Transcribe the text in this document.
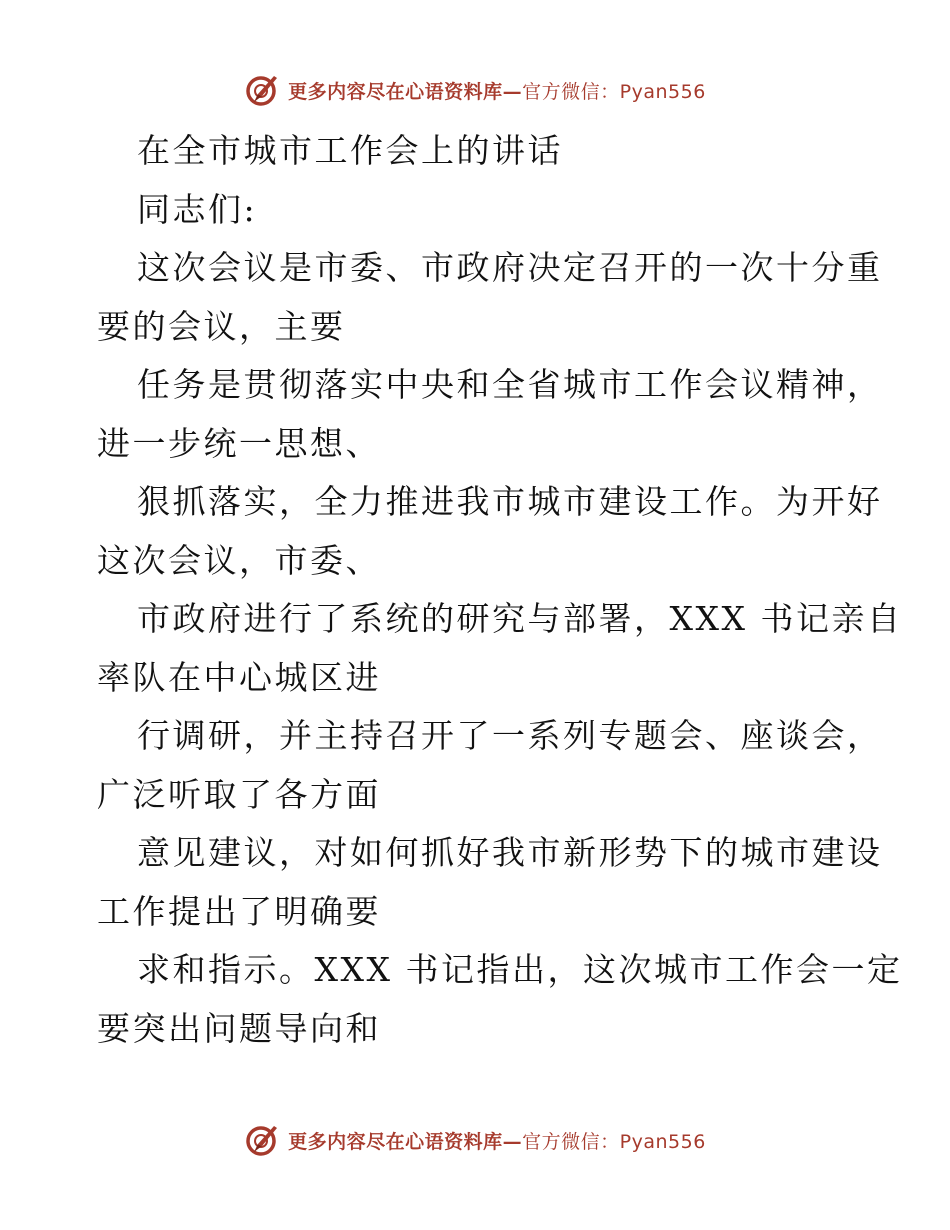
更多内容尽在心语资料库—官方微信：Pyan556
在全市城市工作会上的讲话
同志们:
这次会议是市委、市政府决定召开的一次十分重
要的会议，主要
任务是贯彻落实中央和全省城市工作会议精神，
进一步统一思想、
狠抓落实，全力推进我市城市建设工作。为开好
这次会议，市委、
市政府进行了系统的研究与部署，XXX 书记亲自
率队在中心城区进
行调研，并主持召开了一系列专题会、座谈会，
广泛听取了各方面
意见建议，对如何抓好我市新形势下的城市建设
工作提出了明确要
求和指示。XXX 书记指出，这次城市工作会一定
要突出问题导向和
更多内容尽在心语资料库—官方微信：Pyan556
